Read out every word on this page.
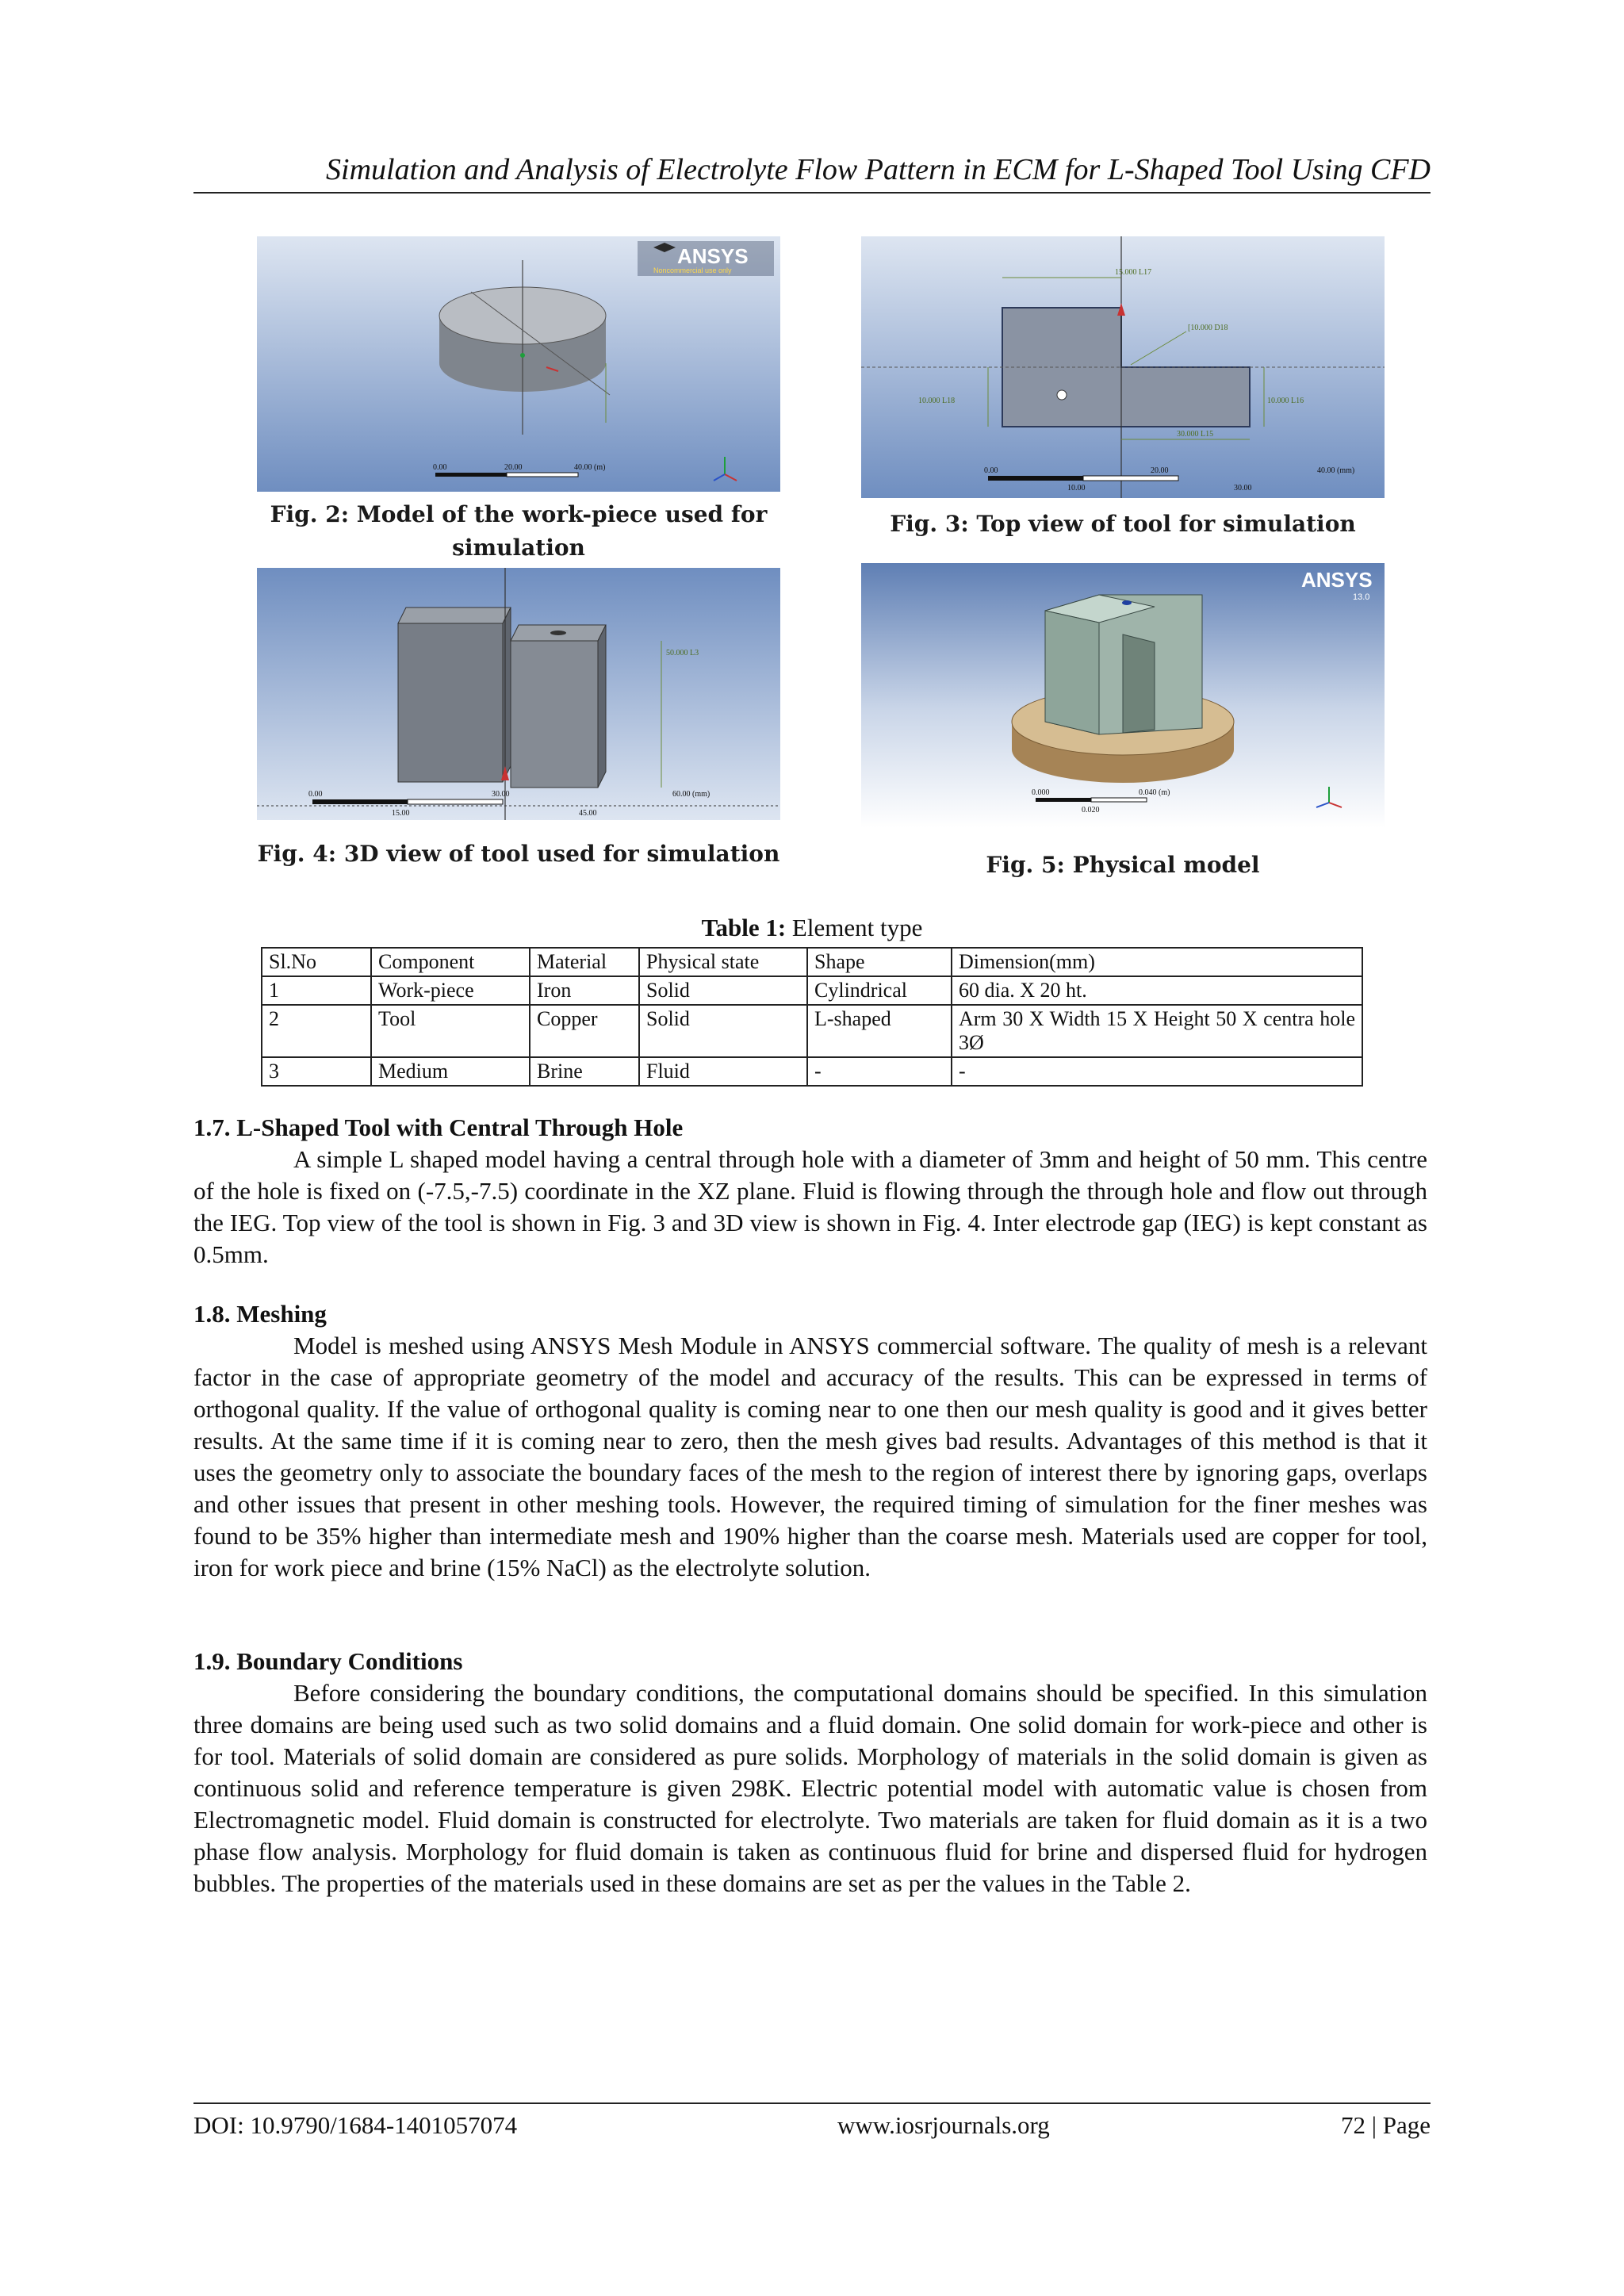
Simulation and Analysis of Electrolyte Flow Pattern in ECM for L-Shaped Tool Using CFD
ANSYS
Noncommercial use only
0.00	20.00	40.00 (m)
Fig. 2: Model of the work-piece used for
simulation
15.000 L17
[10.000 D18
10.000 L18	10.000 L16
30.000 L15
0.00
10.00
20.00
30.00
40.00 (mm)
Fig. 3: Top view of tool for simulation
50.000 L3
0.00
15.00
30.00
45.00
60.00 (mm)
Fig. 4: 3D view of tool used for simulation
ANSYS
13.0
0.000
0.020
0.040 (m)
Fig. 5: Physical model
Table 1: Element type
Sl.No	Component	Material	Physical state	Shape	Dimension(mm)
1	Work-piece	Iron	Solid	Cylindrical	60 dia. X 20 ht.
2	Tool	Copper	Solid	L-shaped	Arm 30 X Width 15 X Height 50 X centra hole 3Ø
3	Medium	Brine	Fluid	-	-
1.7. L-Shaped Tool with Central Through Hole
A simple L shaped model having a central through hole with a diameter of 3mm and height of 50 mm. This centre of the hole is fixed on (-7.5,-7.5) coordinate in the XZ plane. Fluid is flowing through the through hole and flow out through the IEG. Top view of the tool is shown in Fig. 3 and 3D view is shown in Fig. 4. Inter electrode gap (IEG) is kept constant as 0.5mm.
1.8. Meshing
Model is meshed using ANSYS Mesh Module in ANSYS commercial software. The quality of mesh is a relevant factor in the case of appropriate geometry of the model and accuracy of the results. This can be expressed in terms of orthogonal quality. If the value of orthogonal quality is coming near to one then our mesh quality is good and it gives better results. At the same time if it is coming near to zero, then the mesh gives bad results. Advantages of this method is that it uses the geometry only to associate the boundary faces of the mesh to the region of interest there by ignoring gaps, overlaps and other issues that present in other meshing tools. However, the required timing of simulation for the finer meshes was found to be 35% higher than intermediate mesh and 190% higher than the coarse mesh. Materials used are copper for tool, iron for work piece and brine (15% NaCl) as the electrolyte solution.
1.9. Boundary Conditions
Before considering the boundary conditions, the computational domains should be specified. In this simulation three domains are being used such as two solid domains and a fluid domain. One solid domain for work-piece and other is for tool. Materials of solid domain are considered as pure solids. Morphology of materials in the solid domain is given as continuous solid and reference temperature is given 298K. Electric potential model with automatic value is chosen from Electromagnetic model. Fluid domain is constructed for electrolyte. Two materials are taken for fluid domain as it is a two phase flow analysis. Morphology for fluid domain is taken as continuous fluid for brine and dispersed fluid for hydrogen bubbles. The properties of the materials used in these domains are set as per the values in the Table 2.
DOI: 10.9790/1684-1401057074	www.iosrjournals.org	72 | Page
